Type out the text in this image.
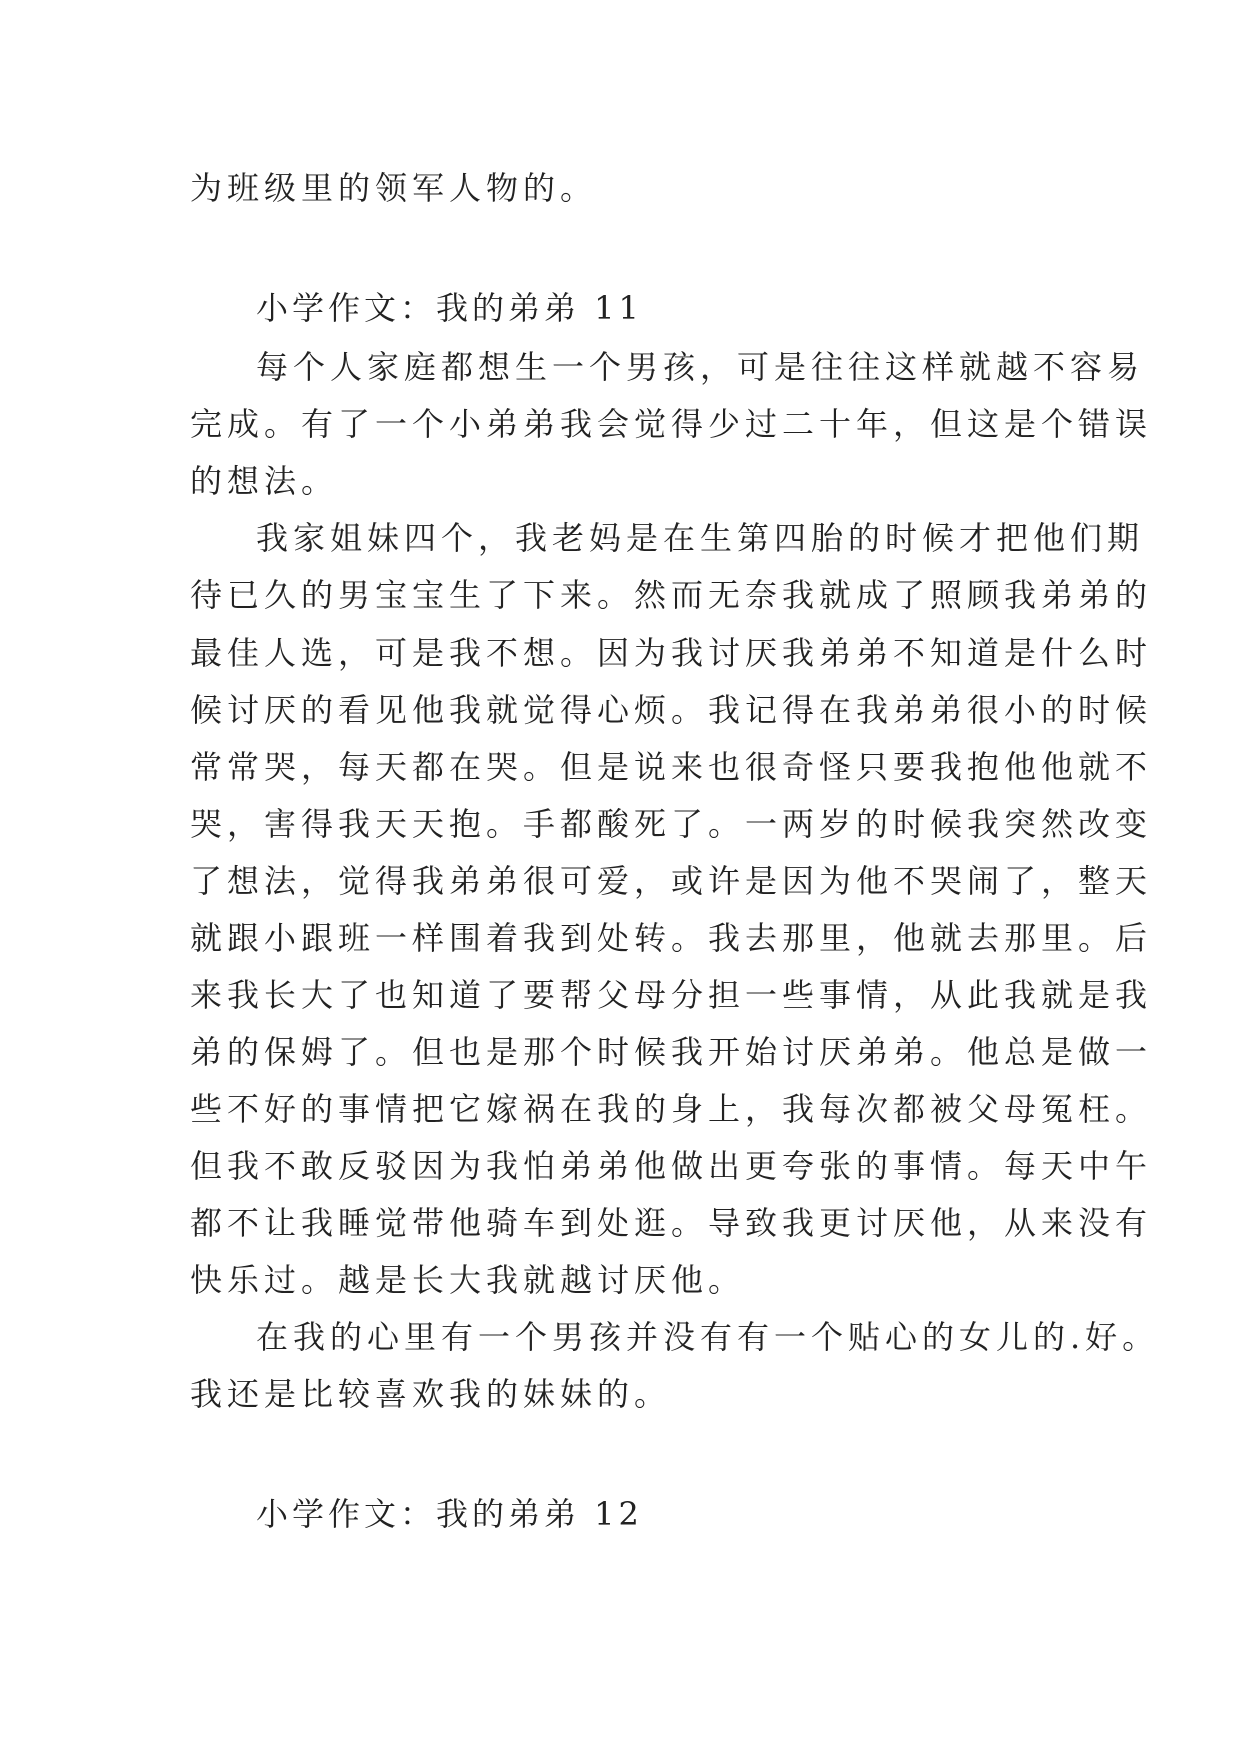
为班级里的领军人物的。
小学作文：我的弟弟 11
每个人家庭都想生一个男孩，可是往往这样就越不容易
完成。有了一个小弟弟我会觉得少过二十年，但这是个错误
的想法。
我家姐妹四个，我老妈是在生第四胎的时候才把他们期
待已久的男宝宝生了下来。然而无奈我就成了照顾我弟弟的
最佳人选，可是我不想。因为我讨厌我弟弟不知道是什么时
候讨厌的看见他我就觉得心烦。我记得在我弟弟很小的时候
常常哭，每天都在哭。但是说来也很奇怪只要我抱他他就不
哭，害得我天天抱。手都酸死了。一两岁的时候我突然改变
了想法，觉得我弟弟很可爱，或许是因为他不哭闹了，整天
就跟小跟班一样围着我到处转。我去那里，他就去那里。后
来我长大了也知道了要帮父母分担一些事情，从此我就是我
弟的保姆了。但也是那个时候我开始讨厌弟弟。他总是做一
些不好的事情把它嫁祸在我的身上，我每次都被父母冤枉。
但我不敢反驳因为我怕弟弟他做出更夸张的事情。每天中午
都不让我睡觉带他骑车到处逛。导致我更讨厌他，从来没有
快乐过。越是长大我就越讨厌他。
在我的心里有一个男孩并没有有一个贴心的女儿的.好。
我还是比较喜欢我的妹妹的。
小学作文：我的弟弟 12
